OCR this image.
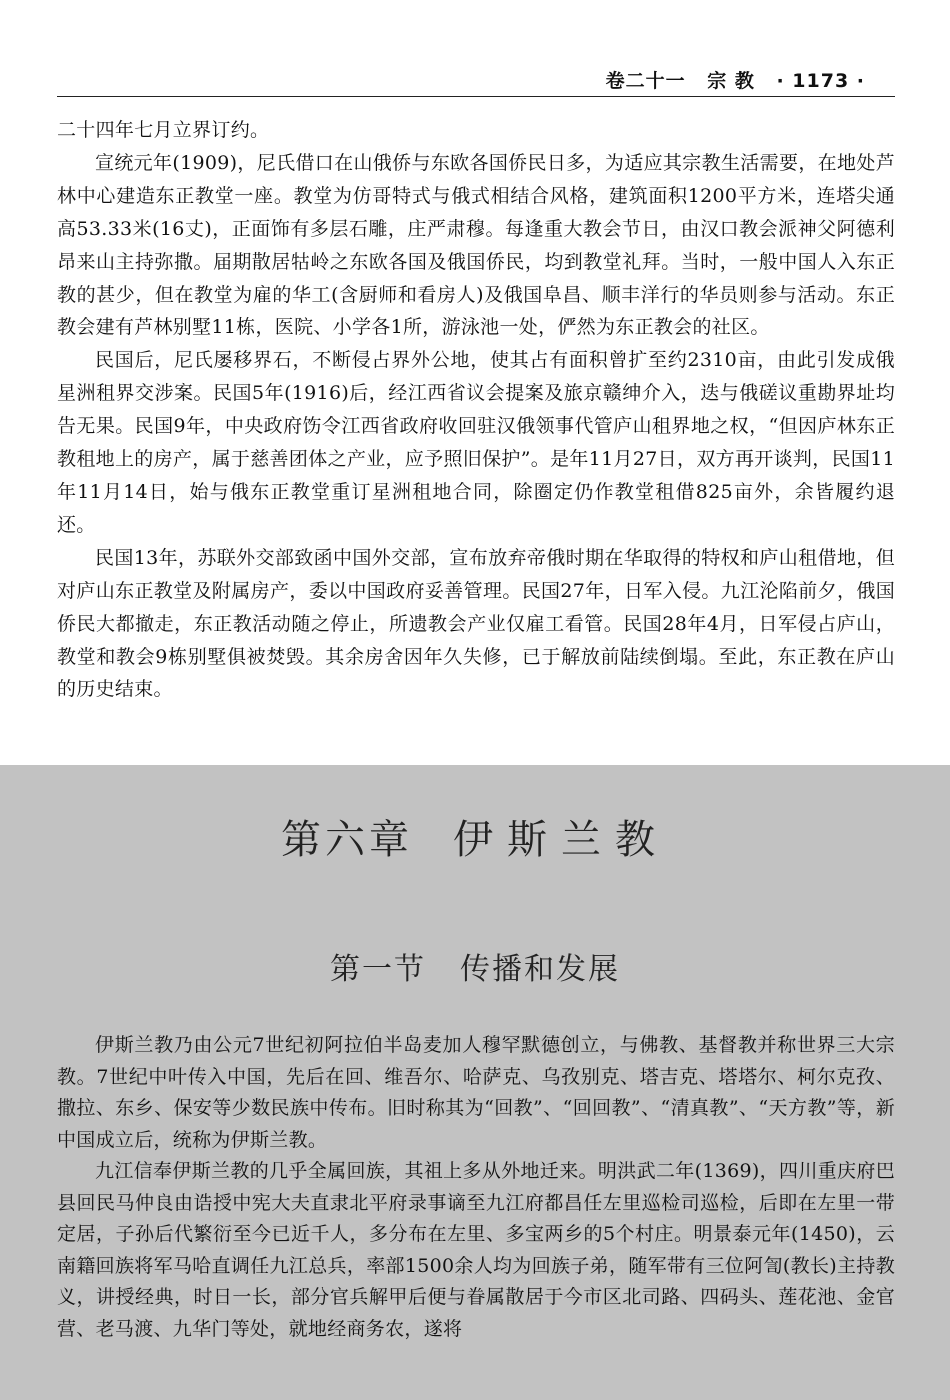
卷二十一 宗 教 · 1173 ·

二十四年七月立界订约。

宣统元年(1909)，尼氏借口在山俄侨与东欧各国侨民日多，为适应其宗教生活需要，在地处芦林中心建造东正教堂一座。教堂为仿哥特式与俄式相结合风格，建筑面积1200平方米，连塔尖通高53.33米(16丈)，正面饰有多层石雕，庄严肃穆。每逢重大教会节日，由汉口教会派神父阿德利昂来山主持弥撒。届期散居牯岭之东欧各国及俄国侨民，均到教堂礼拜。当时，一般中国人入东正教的甚少，但在教堂为雇的华工(含厨师和看房人)及俄国阜昌、顺丰洋行的华员则参与活动。东正教会建有芦林别墅11栋，医院、小学各1所，游泳池一处，俨然为东正教会的社区。

民国后，尼氏屡移界石，不断侵占界外公地，使其占有面积曾扩至约2310亩，由此引发成俄星洲租界交涉案。民国5年(1916)后，经江西省议会提案及旅京赣绅介入，迭与俄磋议重勘界址均告无果。民国9年，中央政府饬令江西省政府收回驻汉俄领事代管庐山租界地之权，“但因庐林东正教租地上的房产，属于慈善团体之产业，应予照旧保护”。是年11月27日，双方再开谈判，民国11年11月14日，始与俄东正教堂重订星洲租地合同，除圈定仍作教堂租借825亩外，余皆履约退还。

民国13年，苏联外交部致函中国外交部，宣布放弃帝俄时期在华取得的特权和庐山租借地，但对庐山东正教堂及附属房产，委以中国政府妥善管理。民国27年，日军入侵。九江沦陷前夕，俄国侨民大都撤走，东正教活动随之停止，所遗教会产业仅雇工看管。民国28年4月，日军侵占庐山，教堂和教会9栋别墅俱被焚毁。其余房舍因年久失修，已于解放前陆续倒塌。至此，东正教在庐山的历史结束。

第六章 伊斯兰教
第一节 传播和发展

伊斯兰教乃由公元7世纪初阿拉伯半岛麦加人穆罕默德创立，与佛教、基督教并称世界三大宗教。7世纪中叶传入中国，先后在回、维吾尔、哈萨克、乌孜别克、塔吉克、塔塔尔、柯尔克孜、撒拉、东乡、保安等少数民族中传布。旧时称其为“回教”、“回回教”、“清真教”、“天方教”等，新中国成立后，统称为伊斯兰教。

九江信奉伊斯兰教的几乎全属回族，其祖上多从外地迁来。明洪武二年(1369)，四川重庆府巴县回民马仲良由诰授中宪大夫直隶北平府录事谪至九江府都昌任左里巡检司巡检，后即在左里一带定居，子孙后代繁衍至今已近千人，多分布在左里、多宝两乡的5个村庄。明景泰元年(1450)，云南籍回族将军马哈直调任九江总兵，率部1500余人均为回族子弟，随军带有三位阿訇(教长)主持教义，讲授经典，时日一长，部分官兵解甲后便与眷属散居于今市区北司路、四码头、莲花池、金官营、老马渡、九华门等处，就地经商务农，遂将
